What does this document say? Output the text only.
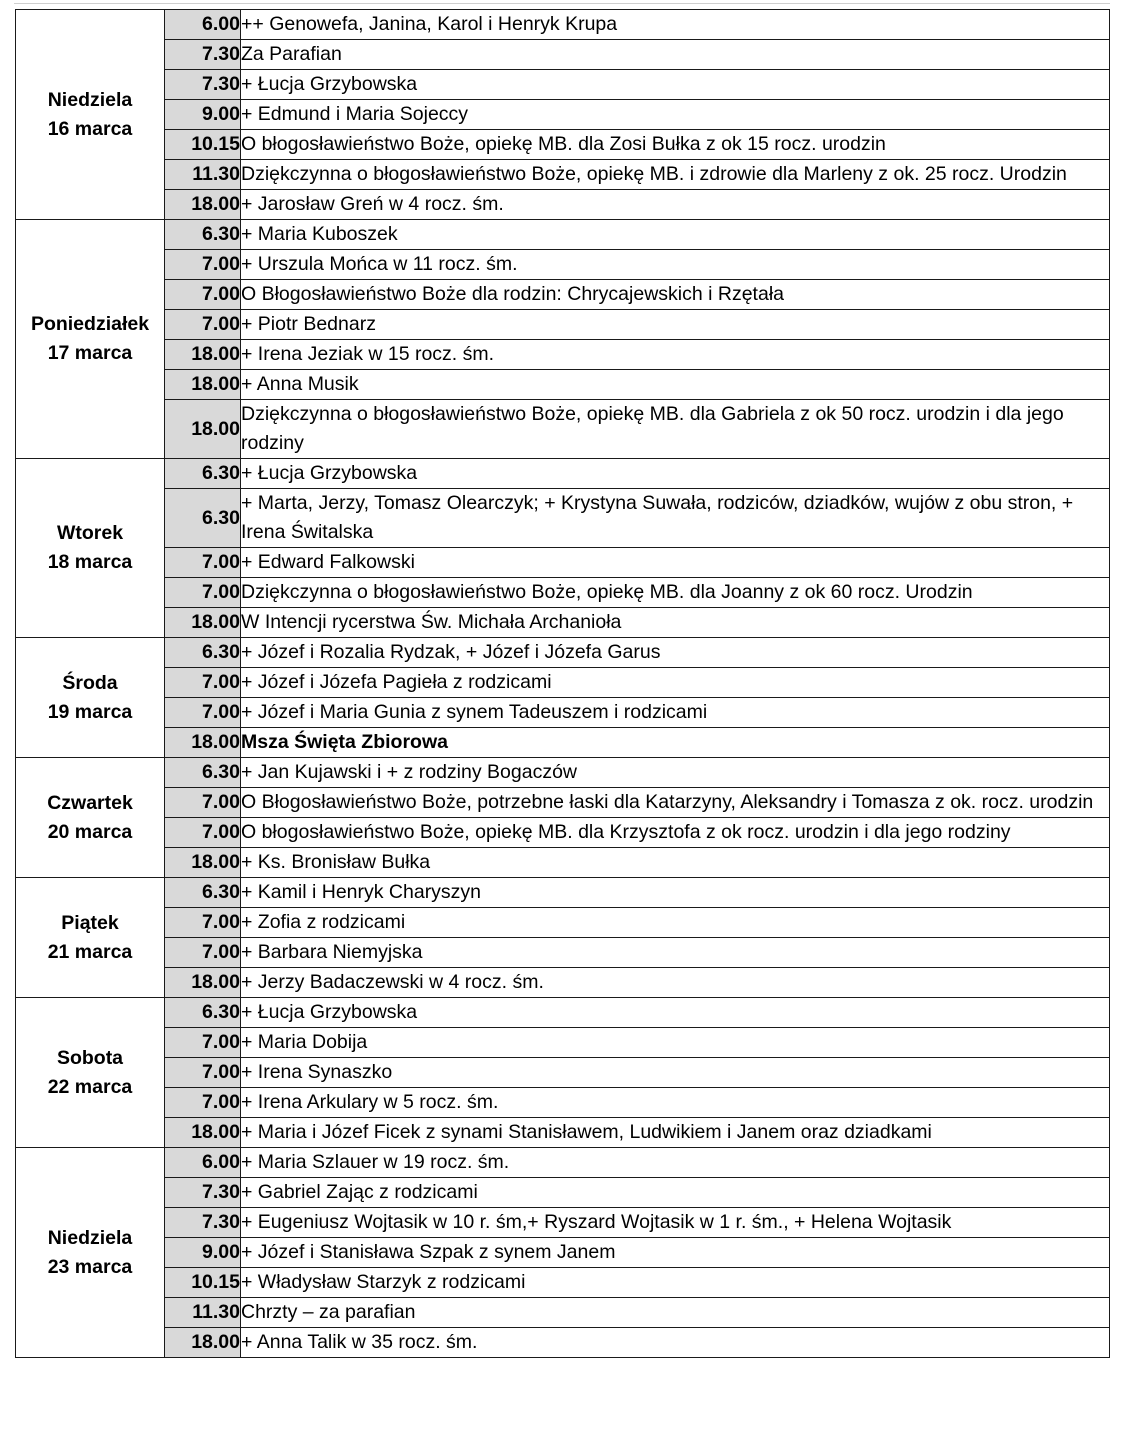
Niedziela
16 marca	6.00	++ Genowefa, Janina, Karol i Henryk Krupa
	7.30	Za Parafian
	7.30	+ Łucja Grzybowska
	9.00	+ Edmund i Maria Sojeccy
	10.15	O błogosławieństwo Boże, opiekę MB. dla Zosi Bułka z ok 15 rocz. urodzin
	11.30	Dziękczynna o błogosławieństwo Boże, opiekę MB. i zdrowie dla Marleny z ok. 25 rocz. Urodzin
	18.00	+ Jarosław Greń w 4 rocz. śm.

Poniedziałek
17 marca	6.30	+ Maria Kuboszek
	7.00	+ Urszula Mońca w 11 rocz. śm.
	7.00	O Błogosławieństwo Boże dla rodzin: Chrycajewskich i Rzętała
	7.00	+ Piotr Bednarz
	18.00	+ Irena Jeziak w 15 rocz. śm.
	18.00	+ Anna Musik
	18.00	Dziękczynna o błogosławieństwo Boże, opiekę MB. dla Gabriela z ok 50 rocz. urodzin i dla jego rodziny

Wtorek
18 marca	6.30	+ Łucja Grzybowska
	6.30	+ Marta, Jerzy, Tomasz Olearczyk; + Krystyna Suwała, rodziców, dziadków, wujów z obu stron, + Irena Świtalska
	7.00	+ Edward Falkowski
	7.00	Dziękczynna o błogosławieństwo Boże, opiekę MB. dla Joanny z ok 60 rocz. Urodzin
	18.00	W Intencji rycerstwa Św. Michała Archanioła

Środa
19 marca	6.30	+ Józef i Rozalia Rydzak, + Józef i Józefa Garus
	7.00	+ Józef i Józefa Pagieła z rodzicami
	7.00	+ Józef i Maria Gunia z synem Tadeuszem i rodzicami
	18.00	Msza Święta Zbiorowa

Czwartek
20 marca	6.30	+ Jan Kujawski i + z rodziny Bogaczów
	7.00	O Błogosławieństwo Boże, potrzebne łaski dla Katarzyny, Aleksandry i Tomasza z ok. rocz. urodzin
	7.00	O błogosławieństwo Boże, opiekę MB. dla Krzysztofa z ok rocz. urodzin i dla jego rodziny
	18.00	+ Ks. Bronisław Bułka

Piątek
21 marca	6.30	+ Kamil i Henryk Charyszyn
	7.00	+ Zofia z rodzicami
	7.00	+ Barbara Niemyjska
	18.00	+ Jerzy Badaczewski w 4 rocz. śm.

Sobota
22 marca	6.30	+ Łucja Grzybowska
	7.00	+ Maria Dobija
	7.00	+ Irena Synaszko
	7.00	+ Irena Arkulary w 5 rocz. śm.
	18.00	+ Maria i Józef Ficek z synami Stanisławem, Ludwikiem i Janem oraz dziadkami

Niedziela
23 marca	6.00	+ Maria Szlauer w 19 rocz. śm.
	7.30	+ Gabriel Zając z rodzicami
	7.30	+ Eugeniusz Wojtasik w 10 r. śm,+ Ryszard Wojtasik w 1 r. śm., + Helena Wojtasik
	9.00	+ Józef i Stanisława Szpak z synem Janem
	10.15	+ Władysław Starzyk z rodzicami
	11.30	Chrzty – za parafian
	18.00	+ Anna Talik w 35 rocz. śm.
